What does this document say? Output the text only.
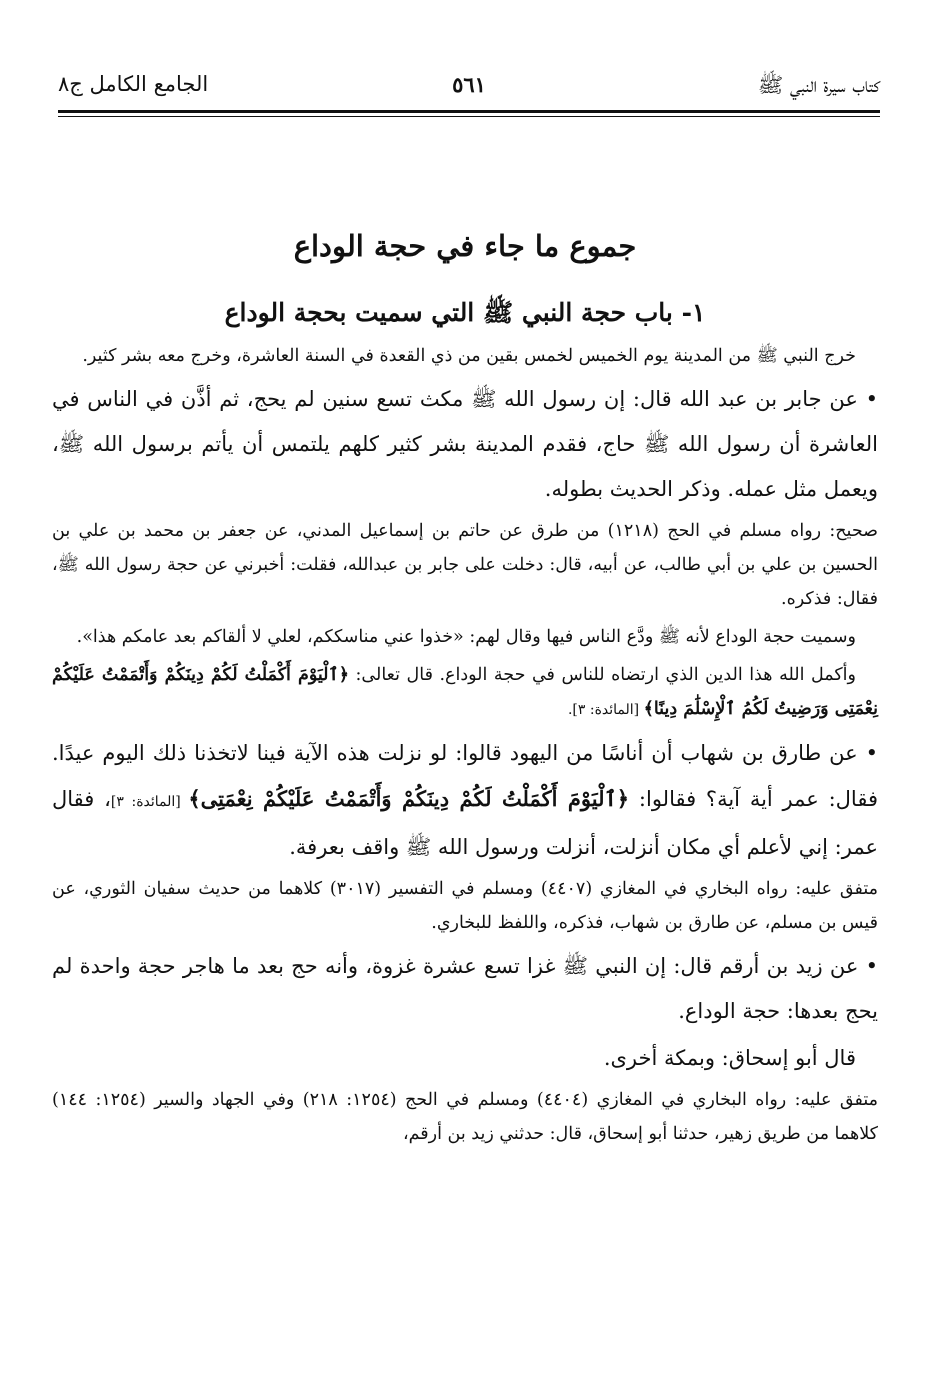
كتاب سيرة النبي ﷺ
٥٦١
الجامع الكامل ج٨
جموع ما جاء في حجة الوداع
١- باب حجة النبي ﷺ التي سميت بحجة الوداع

خرج النبي ﷺ من المدينة يوم الخميس لخمس بقين من ذي القعدة في السنة العاشرة، وخرج معه بشر كثير.

• عن جابر بن عبد الله قال: إن رسول الله ﷺ مكث تسع سنين لم يحج، ثم أذَّن في الناس في العاشرة أن رسول الله ﷺ حاج، فقدم المدينة بشر كثير كلهم يلتمس أن يأتم برسول الله ﷺ، ويعمل مثل عمله. وذكر الحديث بطوله.

صحيح: رواه مسلم في الحج (١٢١٨) من طرق عن حاتم بن إسماعيل المدني، عن جعفر بن محمد بن علي بن الحسين بن علي بن أبي طالب، عن أبيه، قال: دخلت على جابر بن عبدالله، فقلت: أخبرني عن حجة رسول الله ﷺ، فقال: فذكره.

وسميت حجة الوداع لأنه ﷺ ودَّع الناس فيها وقال لهم: «خذوا عني مناسككم، لعلي لا ألقاكم بعد عامكم هذا».

وأكمل الله هذا الدين الذي ارتضاه للناس في حجة الوداع. قال تعالى: ﴿ٱلْيَوْمَ أَكْمَلْتُ لَكُمْ دِينَكُمْ وَأَتْمَمْتُ عَلَيْكُمْ نِعْمَتِى وَرَضِيتُ لَكُمُ ٱلْإِسْلَٰمَ دِينًا﴾ [المائدة: ٣].

• عن طارق بن شهاب أن أناسًا من اليهود قالوا: لو نزلت هذه الآية فينا لاتخذنا ذلك اليوم عيدًا. فقال: عمر أية آية؟ فقالوا: ﴿ٱلْيَوْمَ أَكْمَلْتُ لَكُمْ دِينَكُمْ وَأَتْمَمْتُ عَلَيْكُمْ نِعْمَتِى﴾ [المائدة: ٣]، فقال عمر: إني لأعلم أي مكان أنزلت، أنزلت ورسول الله ﷺ واقف بعرفة.

متفق عليه: رواه البخاري في المغازي (٤٤٠٧) ومسلم في التفسير (٣٠١٧) كلاهما من حديث سفيان الثوري، عن قيس بن مسلم، عن طارق بن شهاب، فذكره، واللفظ للبخاري.

• عن زيد بن أرقم قال: إن النبي ﷺ غزا تسع عشرة غزوة، وأنه حج بعد ما هاجر حجة واحدة لم يحج بعدها: حجة الوداع.

قال أبو إسحاق: وبمكة أخرى.

متفق عليه: رواه البخاري في المغازي (٤٤٠٤) ومسلم في الحج (١٢٥٤: ٢١٨) وفي الجهاد والسير (١٢٥٤: ١٤٤) كلاهما من طريق زهير، حدثنا أبو إسحاق، قال: حدثني زيد بن أرقم،
